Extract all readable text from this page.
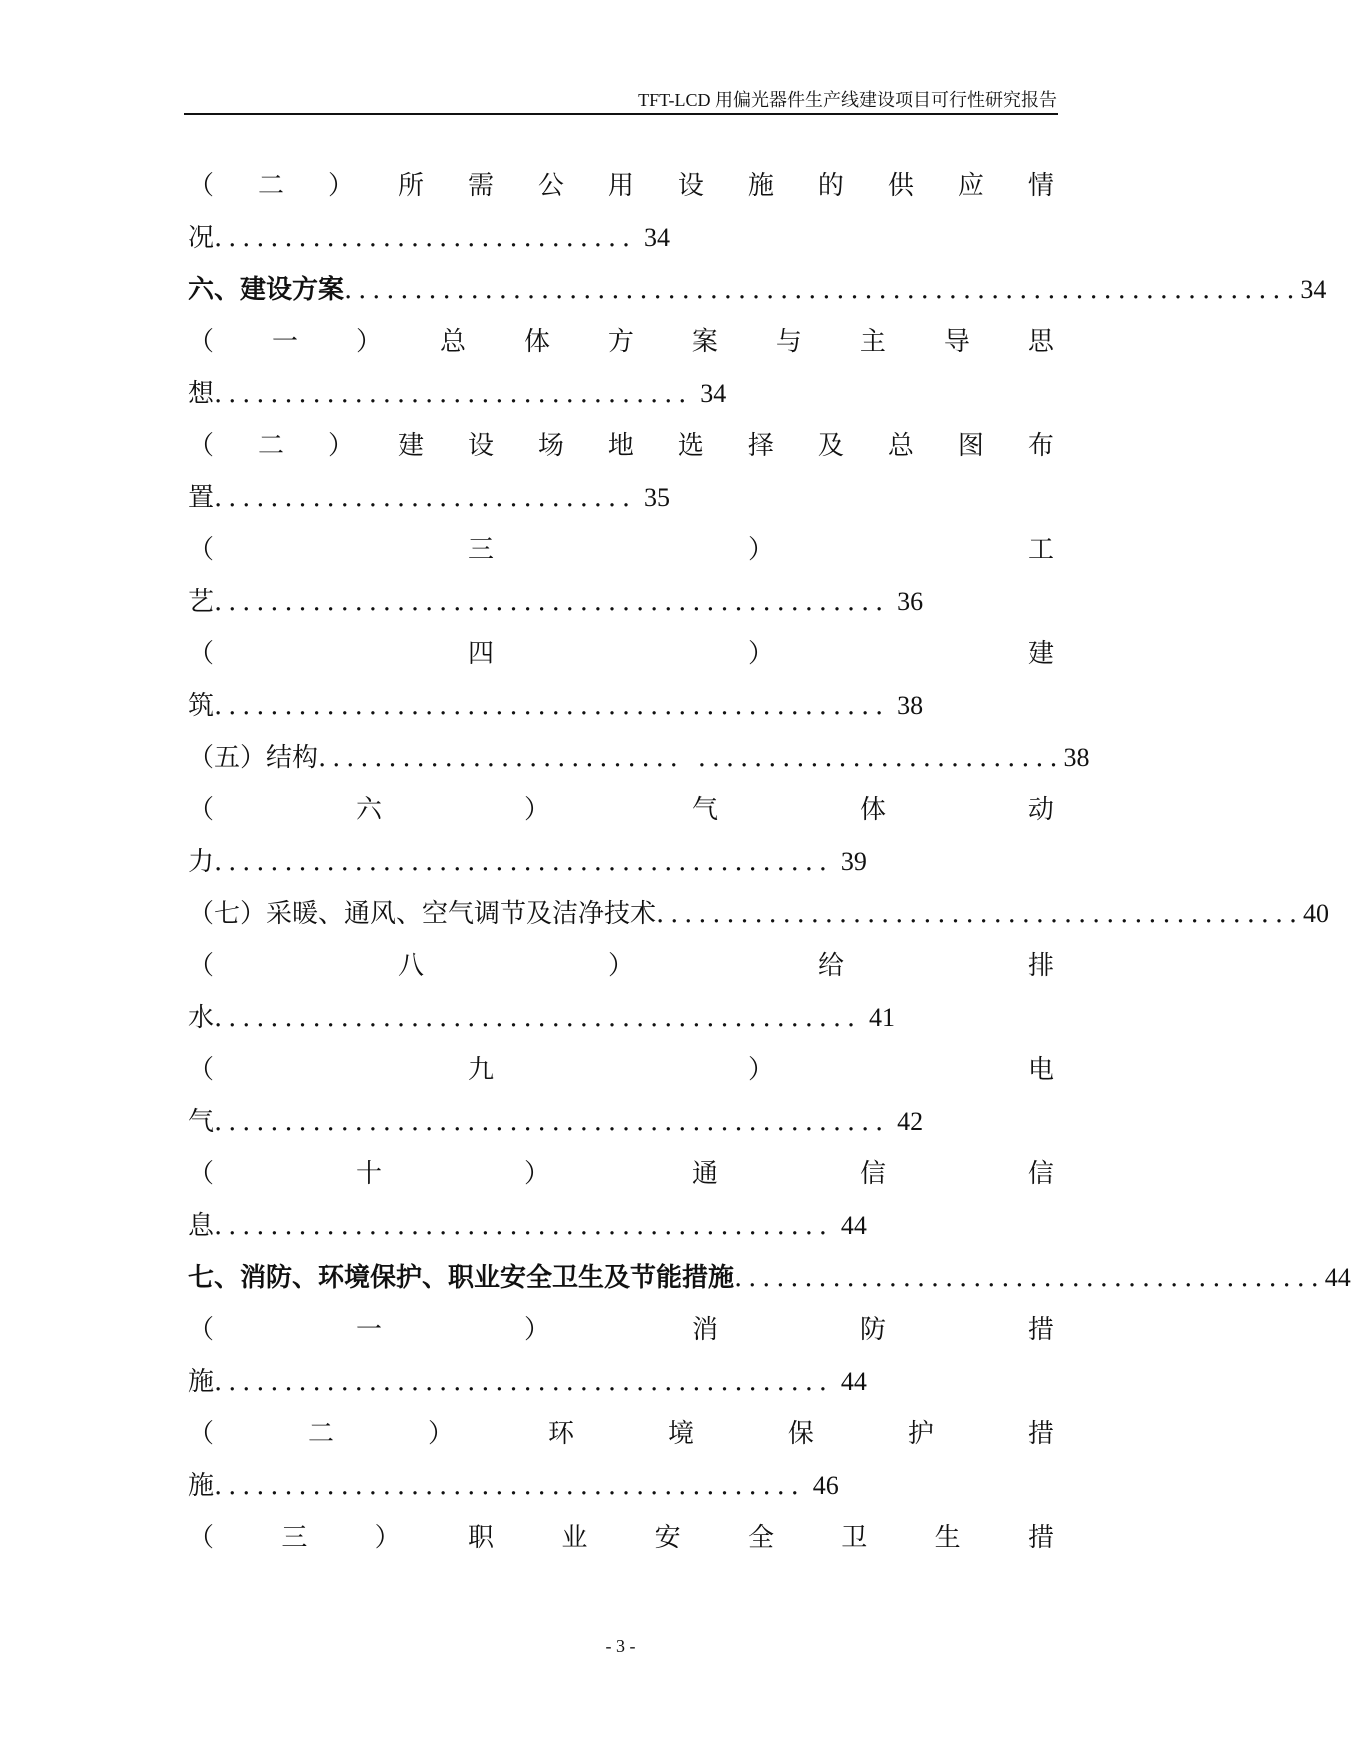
TFT-LCD 用偏光器件生产线建设项目可行性研究报告
（ 二 ） 所 需 公 用 设 施 的 供 应 情
况 .............................. 34
六、建设方案 .................................................................... 34
（ 一 ） 总 体 方 案 与 主 导 思
想 .................................. 34
（ 二 ） 建 设 场 地 选 择 及 总 图 布
置 .............................. 35
（	三	）	工
艺 ................................................ 36
（	四	）	建
筑 ................................................ 38
（五）结构 .......................... .......................... 38
（	六	）	气	体	动
力 ............................................ 39
（七）采暖、通风、空气调节及洁净技术 .............................................. 40
（	八	）	给	排
水 .............................................. 41
（	九	）	电
气 ................................................ 42
（	十	）	通	信	信
息 ............................................ 44
七、消防、环境保护、职业安全卫生及节能措施 .......................................... 44
（	一	）	消	防	措
施 ............................................ 44
（	二	）	环	境	保	护	措
施 .......................................... 46
（	三	）	职	业	安	全	卫	生	措
- 3 -
